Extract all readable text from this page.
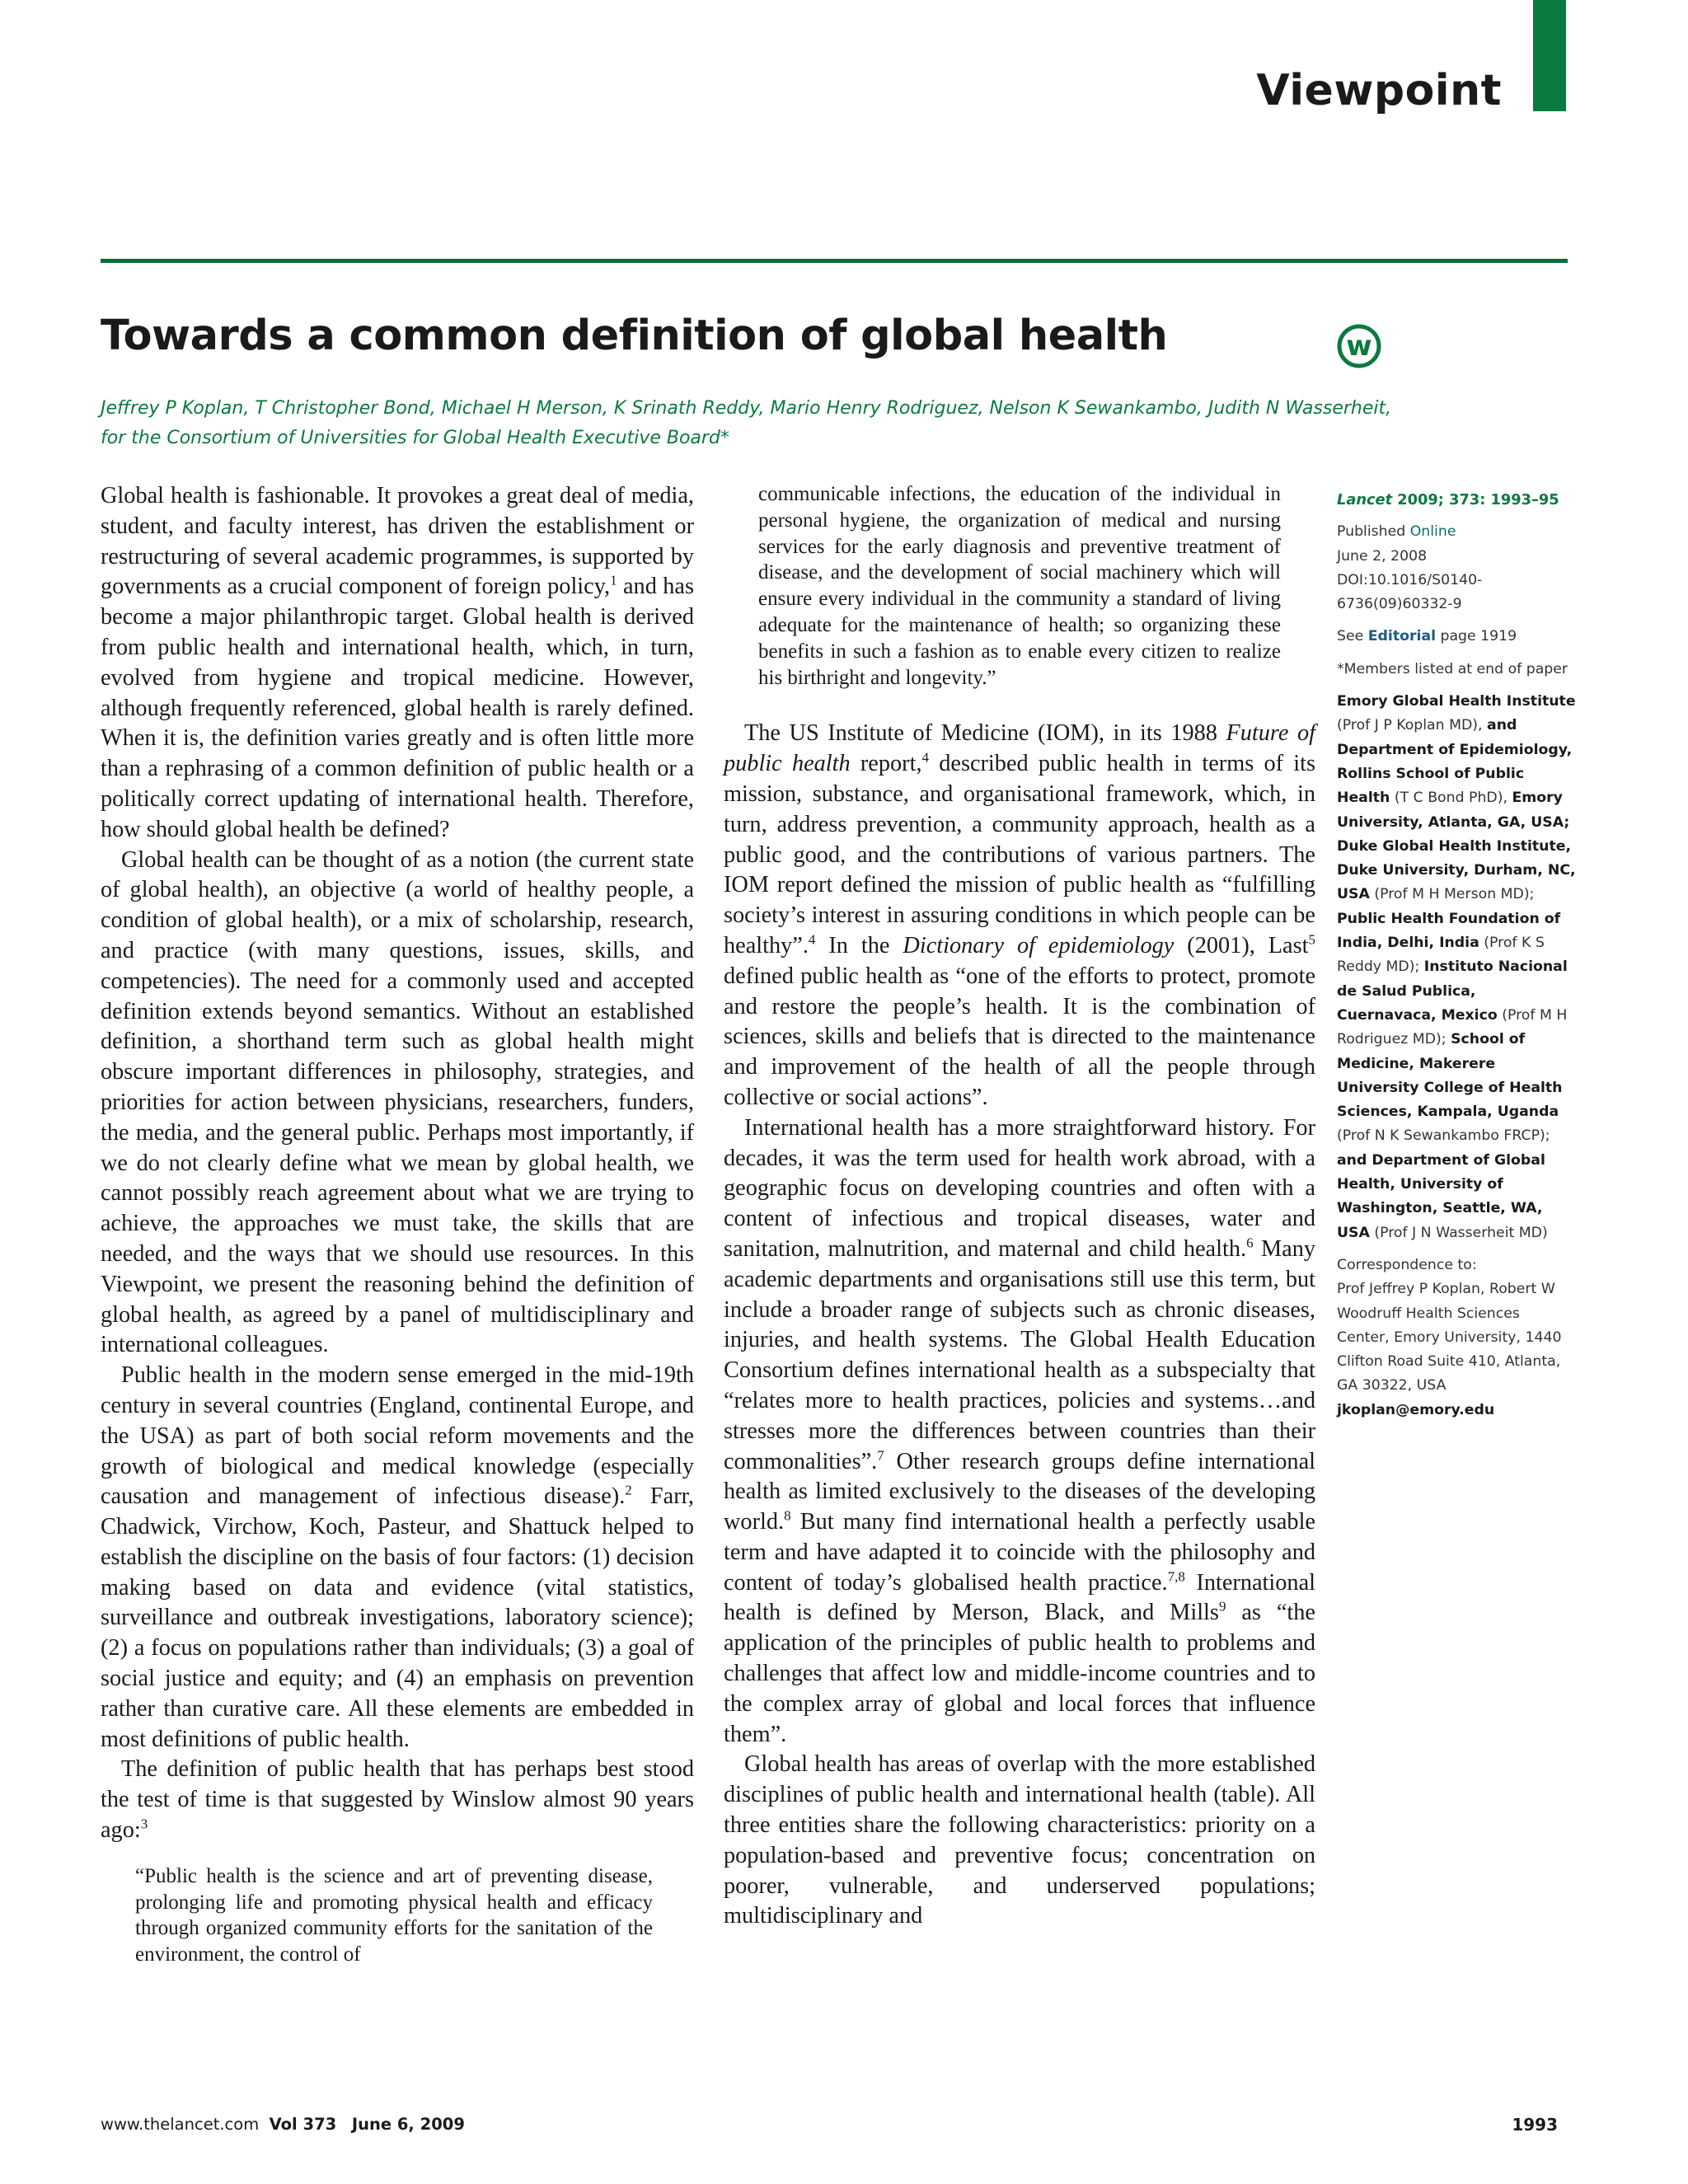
Viewpoint
Towards a common definition of global health	w
Jeffrey P Koplan, T Christopher Bond, Michael H Merson, K Srinath Reddy, Mario Henry Rodriguez, Nelson K Sewankambo, Judith N Wasserheit,
for the Consortium of Universities for Global Health Executive Board*

Global health is fashionable. It provokes a great deal of media, student, and faculty interest, has driven the establishment or restructuring of several academic programmes, is supported by governments as a crucial component of foreign policy,$^1$ and has become a major philanthropic target. Global health is derived from public health and international health, which, in turn, evolved from hygiene and tropical medicine. However, although frequently referenced, global health is rarely defined. When it is, the definition varies greatly and is often little more than a rephrasing of a common definition of public health or a politically correct updating of international health. Therefore, how should global health be defined?

Global health can be thought of as a notion (the current state of global health), an objective (a world of healthy people, a condition of global health), or a mix of scholarship, research, and practice (with many questions, issues, skills, and competencies). The need for a commonly used and accepted definition extends beyond semantics. Without an established definition, a shorthand term such as global health might obscure important differences in philosophy, strategies, and priorities for action between physicians, researchers, funders, the media, and the general public. Perhaps most importantly, if we do not clearly define what we mean by global health, we cannot possibly reach agreement about what we are trying to achieve, the approaches we must take, the skills that are needed, and the ways that we should use resources. In this Viewpoint, we present the reasoning behind the definition of global health, as agreed by a panel of multidisciplinary and international colleagues.

Public health in the modern sense emerged in the mid-19th century in several countries (England, continental Europe, and the USA) as part of both social reform movements and the growth of biological and medical knowledge (especially causation and management of infectious disease).$^2$ Farr, Chadwick, Virchow, Koch, Pasteur, and Shattuck helped to establish the discipline on the basis of four factors: (1) decision making based on data and evidence (vital statistics, surveillance and outbreak investigations, laboratory science); (2) a focus on populations rather than individuals; (3) a goal of social justice and equity; and (4) an emphasis on prevention rather than curative care. All these elements are embedded in most definitions of public health.

The definition of public health that has perhaps best stood the test of time is that suggested by Winslow almost 90 years ago:$^3$

“Public health is the science and art of preventing disease, prolonging life and promoting physical health and efficacy through organized community efforts for the sanitation of the environment, the control of
communicable infections, the education of the individual in personal hygiene, the organization of medical and nursing services for the early diagnosis and preventive treatment of disease, and the development of social machinery which will ensure every individual in the community a standard of living adequate for the maintenance of health; so organizing these benefits in such a fashion as to enable every citizen to realize his birthright and longevity.”

The US Institute of Medicine (IOM), in its 1988 Future of public health report,$^4$ described public health in terms of its mission, substance, and organisational framework, which, in turn, address prevention, a community approach, health as a public good, and the contributions of various partners. The IOM report defined the mission of public health as “fulfilling society’s interest in assuring conditions in which people can be healthy”.$^4$ In the Dictionary of epidemiology (2001), Last$^5$ defined public health as “one of the efforts to protect, promote and restore the people’s health. It is the combination of sciences, skills and beliefs that is directed to the maintenance and improvement of the health of all the people through collective or social actions”.

International health has a more straightforward history. For decades, it was the term used for health work abroad, with a geographic focus on developing countries and often with a content of infectious and tropical diseases, water and sanitation, malnutrition, and maternal and child health.$^6$ Many academic departments and organisations still use this term, but include a broader range of subjects such as chronic diseases, injuries, and health systems. The Global Health Education Consortium defines international health as a subspecialty that “relates more to health practices, policies and systems…and stresses more the differences between countries than their commonalities”.$^7$ Other research groups define international health as limited exclusively to the diseases of the developing world.$^8$ But many find international health a perfectly usable term and have adapted it to coincide with the philosophy and content of today’s globalised health practice.$^{7,8}$ International health is defined by Merson, Black, and Mills$^9$ as “the application of the principles of public health to problems and challenges that affect low and middle-income countries and to the complex array of global and local forces that influence them”.

Global health has areas of overlap with the more established disciplines of public health and international health (table). All three entities share the following characteristics: priority on a population-based and preventive focus; concentration on poorer, vulnerable, and underserved populations; multidisciplinary and

Lancet 2009; 373: 1993–95
Published Online
June 2, 2008
DOI:10.1016/S0140-6736(09)60332-9
See Editorial page 1919
*Members listed at end of paper
Emory Global Health Institute (Prof J P Koplan MD), and Department of Epidemiology, Rollins School of Public Health (T C Bond PhD), Emory University, Atlanta, GA, USA; Duke Global Health Institute, Duke University, Durham, NC, USA (Prof M H Merson MD); Public Health Foundation of India, Delhi, India (Prof K S Reddy MD); Instituto Nacional de Salud Publica, Cuernavaca, Mexico (Prof M H Rodriguez MD); School of Medicine, Makerere University College of Health Sciences, Kampala, Uganda (Prof N K Sewankambo FRCP); and Department of Global Health, University of Washington, Seattle, WA, USA (Prof J N Wasserheit MD)
Correspondence to:
Prof Jeffrey P Koplan, Robert W Woodruff Health Sciences Center, Emory University, 1440 Clifton Road Suite 410, Atlanta, GA 30322, USA
jkoplan@emory.edu
www.thelancet.com Vol 373 June 6, 2009	1993
